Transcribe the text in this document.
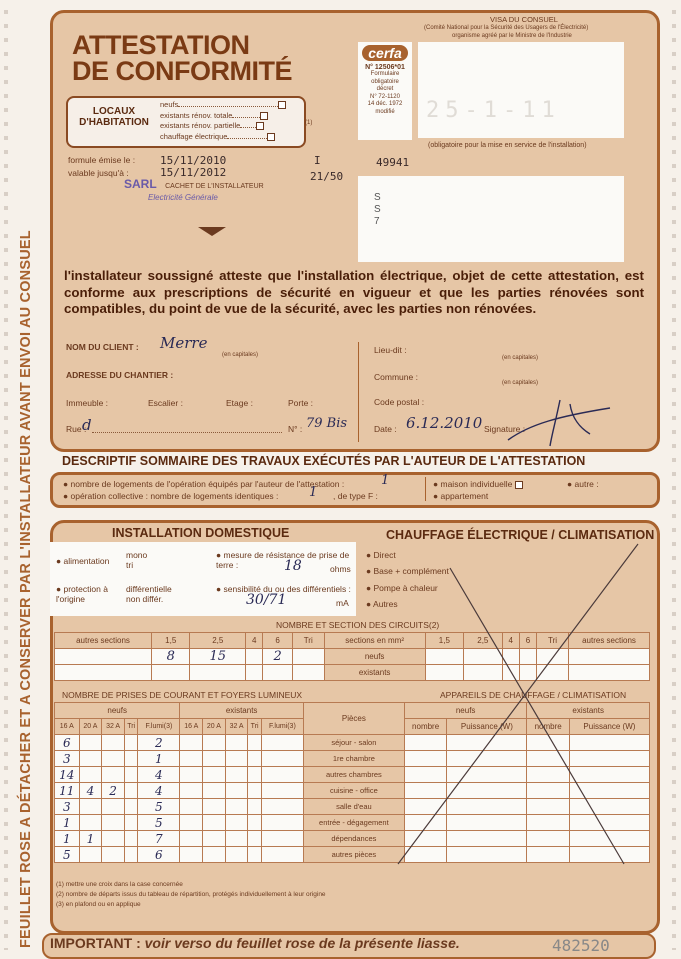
FEUILLET ROSE A DÉTACHER ET A CONSERVER PAR L'INSTALLATEUR AVANT ENVOI AU CONSUEL
ATTESTATION
DE CONFORMITÉ
VISA DU CONSUEL
(Comité National pour la Sécurité des Usagers de l'Électricité)
organisme agréé par le Ministre de l'Industrie
cerfa
N° 12506*01
Formulaire
obligatoire
décret
N° 72-1120
14 déc. 1972
modifié	25-1-11
(obligatoire pour la mise en service de l'installation)
LOCAUX
D'HABITATION
neufs
existants rénov. totale
existants rénov. partielle
chauffage électrique
(1)
formule émise le :
valable jusqu'à :
15/11/2010
15/11/2012
I
21/50
49941
SARL CACHET DE L'INSTALLATEUR
Electricité Générale	S
S
7
l'installateur soussigné atteste que l'installation électrique, objet de cette attestation, est conforme aux prescriptions de sécurité en vigueur et que les parties rénovées sont compatibles, du point de vue de la sécurité, avec les parties non rénovées.
NOM DU CLIENT : Merre
(en capitales)
ADRESSE DU CHANTIER :
Immeuble :	Escalier :	Etage :	Porte :
Rue :
d	N° : 79 Bis
Lieu-dit :
(en capitales)
Commune :
(en capitales)
Code postal :
Date : 6.12.2010 Signature :
DESCRIPTIF SOMMAIRE DES TRAVAUX EXÉCUTÉS PAR L'AUTEUR DE L'ATTESTATION
● nombre de logements de l'opération équipés par l'auteur de l'attestation :	1
● opération collective : nombre de logements identiques : 1 , de type F :
● maison individuelle
● appartement
● autre :
INSTALLATION DOMESTIQUE	CHAUFFAGE ÉLECTRIQUE / CLIMATISATION
● alimentation
mono
tri
● mesure de résistance de prise de terre :	18	ohms
● protection à l'origine
différentielle
non différ.
● sensibilité du ou des différentiels :
30/71	mA
● Direct
● Base + complément
● Pompe à chaleur
● Autres
NOMBRE ET SECTION DES CIRCUITS(2)
autres sections	1,5	2,5	4	6	Tri	sections en mm²	1,5	2,5	4	6	Tri	autres sections
	8	15		2		neufs						
						existants						
NOMBRE DE PRISES DE COURANT ET FOYERS LUMINEUX	APPAREILS DE CHAUFFAGE / CLIMATISATION
neufs					existants					Pièces	neufs		existants	
16 A	20 A	32 A	Tri	F.lumi(3)	16 A	20 A	32 A	Tri	F.lumi(3)		nombre	Puissance (W)	nombre	Puissance (W)
6				2						séjour - salon				
3				1						1re chambre				
14				4						autres chambres				
11	4	2		4						cuisine - office				
3				5						salle d'eau				
1				5						entrée - dégagement				
1	1			7						dépendances				
5				6						autres pièces				
(1) mettre une croix dans la case concernée
(2) nombre de départs issus du tableau de répartition, protégés individuellement à leur origine
(3) en plafond ou en applique
IMPORTANT : voir verso du feuillet rose de la présente liasse.	482520
